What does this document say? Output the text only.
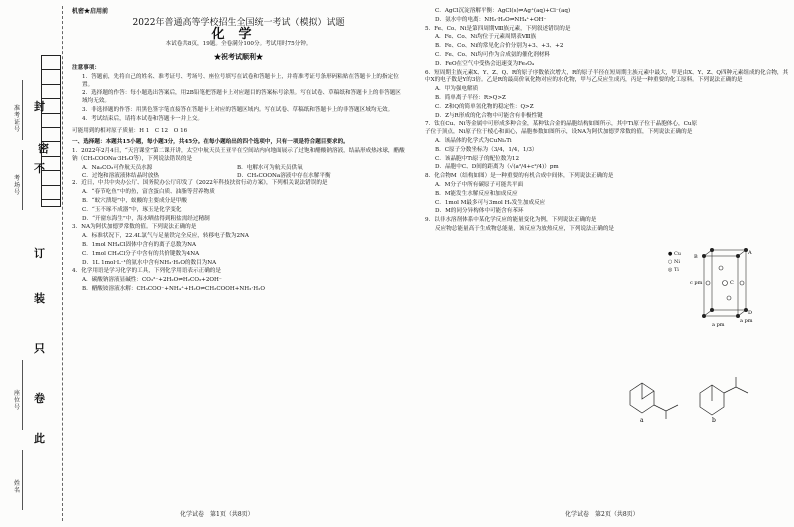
封
不
密
订
装
只
卷
此
准考证号
考场号
座位号
姓名

机密★启用前

2022年普通高等学校招生全国统一考试（模拟）试题

化学

本试卷共8页，19题。全卷满分100分。考试用时75分钟。

★祝考试顺利★

注意事项：

1．答题前，先将自己的姓名、准考证号、考场号、座位号填写在试卷和答题卡上，并将准考证号条形码粘贴在答题卡上的指定位置。

2．选择题的作答：每小题选出答案后，用2B铅笔把答题卡上对应题目的答案标号涂黑。写在试卷、草稿纸和答题卡上的非答题区域均无效。

3．非选择题的作答：用黑色签字笔直接答在答题卡上对应的答题区域内。写在试卷、草稿纸和答题卡上的非答题区域均无效。

4．考试结束后，请将本试卷和答题卡一并上交。

可能用到的相对原子质量：H 1　C 12　O 16

一、选择题：本题共15小题，每小题3分，共45分。在每小题给出的四个选项中，只有一项是符合题目要求的。

1．2022年2月4日，“天宫课堂”第二课开讲，太空中航天员王亚平在空间站内向地面展示了过饱和醋酸钠溶液，结晶形成热冰球，醋酸钠（CH₃COONa·3H₂O等），下列说法错误的是

A．Na₂CO₃可作航天员水源	B．电解水可为航天员供氧
C．过饱和溶液液体结晶时放热	D．CH₃COONa溶液中存在水解平衡

2．近日，中共中央办公厅、国务院办公厅印发了《2022年科技扶贫行动方案》，下列相关说法错误的是

A．“春节吃鱼”中的鱼，富含蛋白质、油脂等营养物质

B．“蚁穴溃堤”中，蚁酸的主要成分是甲酸

C．“玉不琢不成器”中，琢玉是化学变化

D．“开窗东海生”中，海水晒盐得到粗盐需经过精制

3．NA为阿伏加德罗常数的值。下列说法正确的是

A．标准状况下，22.4L氯气与足量铁完全反应，转移电子数为2NA

B．1mol NH₄Cl固体中含有的离子总数为NA

C．1mol CH₃Cl分子中含有的共价键数为4NA

D．1L 1mol·L⁻¹的氨水中含有NH₃·H₂O的数目为NA

4．化学用语是学习化学的工具，下列化学用语表示正确的是

A．碳酸钠溶液显碱性：CO₃²⁻+2H₂O⇌H₂CO₃+2OH⁻

B．醋酸铵溶液水解：CH₃COO⁻+NH₄⁺+H₂O⇌CH₃COOH+NH₃·H₂O

化学试卷　第1页（共8页）

C．AgCl沉淀溶解平衡：AgCl(s)⇌Ag⁺(aq)+Cl⁻(aq)

D．氨水中的电离：NH₃·H₂O⇌NH₄⁺+OH⁻

5．Fe、Co、Ni是第四周期Ⅷ族元素，下列叙述错误的是

A．Fe、Co、Ni均位于元素周期表Ⅷ族

B．Fe、Co、Ni的常见化合价分别为+3、+3、+2

C．Fe、Co、Ni均可作为合成氨的催化剂材料

D．FeO在空气中受热会迅速变为Fe₃O₄

6．短周期主族元素X、Y、Z、Q、R的原子序数依次增大，R的原子半径在短周期主族元素中最大，甲是由X、Y、Z、Q四种元素组成的化合物，其中X的电子数是Y的3倍。乙是R的最高价氧化物对应的水化物，甲与乙反应生成丙，丙是一种重要的化工原料。下列说法正确的是

A．甲为强电解质

B．简单离子半径：R>Q>Z

C．Z和Q的简单氢化物的稳定性：Q>Z

D．Z与R形成的化合物中可能含有非极性键

7．钛在Cu、Ni等金属中可形成多种合金，某种钛合金的晶胞结构如图所示，其中Ti原子位于晶胞体心，Cu原子位于顶点，Ni原子位于棱心和面心，晶胞参数如图所示，设NA为阿伏加德罗常数的值，下列说法正确的是

A．该晶体的化学式为CuNi₂Ti

B．C原子分数坐标为（3/4，1/4，1/3）

C．该晶胞中Ti原子的配位数为12

D．晶胞中C、D间的距离为（√(a²/4+c²/4)）pm

8．化合物M（结构如图）是一种重要的有机合成中间体，下列说法正确的是

A．M分子中所有碳原子可能共平面

B．M能发生水解反应和加成反应

C．1mol M最多可与3mol H₂发生加成反应

D．M的同分异构体中可能含有苯环

9．以非水溶剂体系中某化学反应的能量变化为例，下列说法正确的是

反应物总能量高于生成物总能量，该反应为放热反应，下列说法正确的是

c pm
a pm
a pm
A
B
C
D
● Cu
○ Ni
◎ Ti
a	b
化学试卷　第2页（共8页）
